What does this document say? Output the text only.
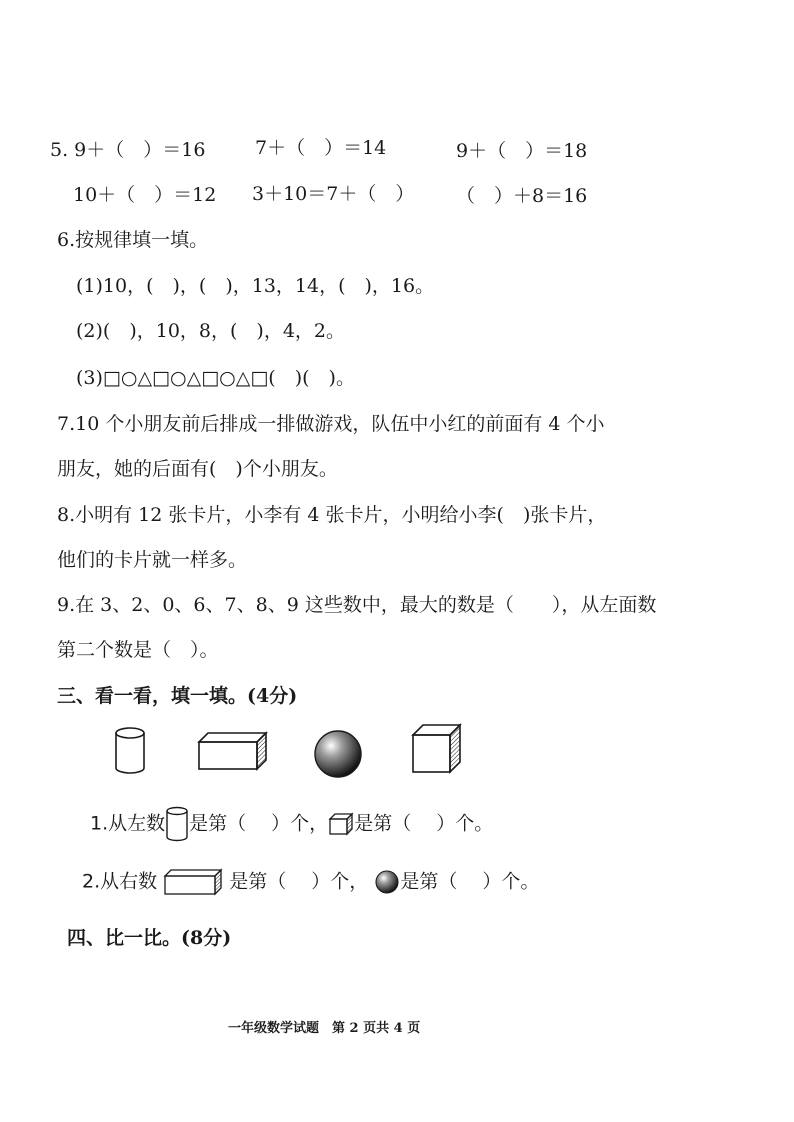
5. 9＋（　）＝16	7＋（　）＝14	9＋（　）＝18
10＋（　）＝12 3＋10＝7＋（　） （　）＋8＝16
6.按规律填一填。
(1)10，(　)，(　)，13，14，(　)，16。
(2)(　)，10，8，(　)，4，2。
(3)□○△□○△□○△□(　)(　)。
7.10 个小朋友前后排成一排做游戏，队伍中小红的前面有 4 个小
朋友，她的后面有(　)个小朋友。
8.小明有 12 张卡片，小李有 4 张卡片，小明给小李(　)张卡片，
他们的卡片就一样多。
9.在 3、2、0、6、7、8、9 这些数中，最大的数是（　　），从左面数
第二个数是（　）。
三、看一看，填一填。(4分)
1.从左数 是第（　 ）个， 是第（　 ）个。
2.从右数	是第（　 ）个， 是第（　 ）个。
四、比一比。(8分)
一年级数学试题　第 2 页共 4 页
